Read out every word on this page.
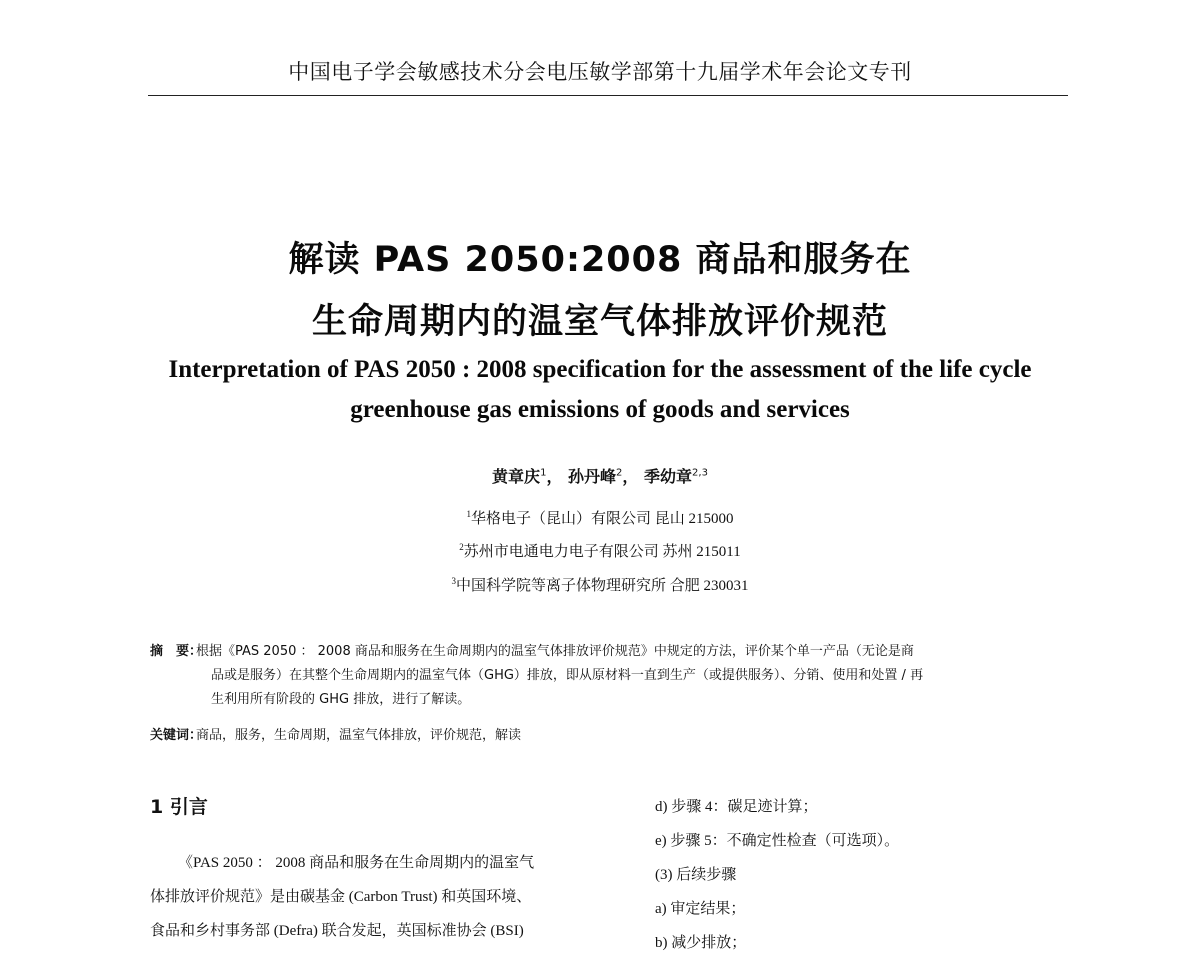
中国电子学会敏感技术分会电压敏学部第十九届学术年会论文专刊
解读 PAS 2050:2008 商品和服务在
生命周期内的温室气体排放评价规范
Interpretation of PAS 2050 : 2008 specification for the assessment of the life cycle
greenhouse gas emissions of goods and services
黄章庆$^1$， 孙丹峰$^2$， 季幼章$^{2,3}$
$^1$华格电子（昆山）有限公司 昆山 215000
$^2$苏州市电通电力电子有限公司 苏州 215011
$^3$中国科学院等离子体物理研究所 合肥 230031
摘　要：
根据《PAS 2050 ： 2008 商品和服务在生命周期内的温室气体排放评价规范》中规定的方法，评价某个单一产品（无论是商
品或是服务）在其整个生命周期内的温室气体（GHG）排放，即从原材料一直到生产（或提供服务）、分销、使用和处置 / 再
生利用所有阶段的 GHG 排放，进行了解读。
关键词：
商品，服务，生命周期，温室气体排放，评价规范，解读
1 引言
《PAS 2050 ： 2008 商品和服务在生命周期内的温室气
体排放评价规范》是由碳基金 (Carbon Trust) 和英国环境、
食品和乡村事务部 (Defra) 联合发起，英国标准协会 (BSI)
d) 步骤 4：碳足迹计算；
e) 步骤 5：不确定性检查（可选项）。
(3) 后续步骤
a) 审定结果；
b) 减少排放；
